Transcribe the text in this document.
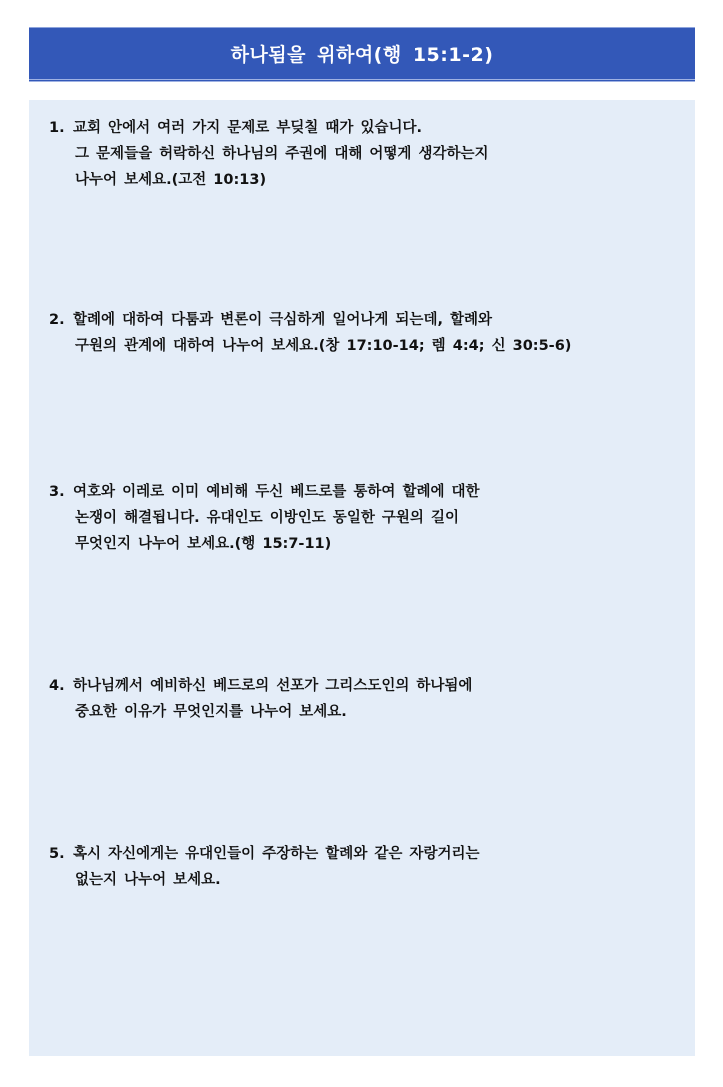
하나됨을 위하여(행 15:1-2)
1. 교회 안에서 여러 가지 문제로 부딪칠 때가 있습니다.
그 문제들을 허락하신 하나님의 주권에 대해 어떻게 생각하는지
나누어 보세요.(고전 10:13)
2. 할례에 대하여 다툼과 변론이 극심하게 일어나게 되는데, 할례와
구원의 관계에 대하여 나누어 보세요.(창 17:10-14; 렘 4:4; 신 30:5-6)
3. 여호와 이레로 이미 예비해 두신 베드로를 통하여 할례에 대한
논쟁이 해결됩니다. 유대인도 이방인도 동일한 구원의 길이
무엇인지 나누어 보세요.(행 15:7-11)
4. 하나님께서 예비하신 베드로의 선포가 그리스도인의 하나됨에
중요한 이유가 무엇인지를 나누어 보세요.
5. 혹시 자신에게는 유대인들이 주장하는 할례와 같은 자랑거리는
없는지 나누어 보세요.
